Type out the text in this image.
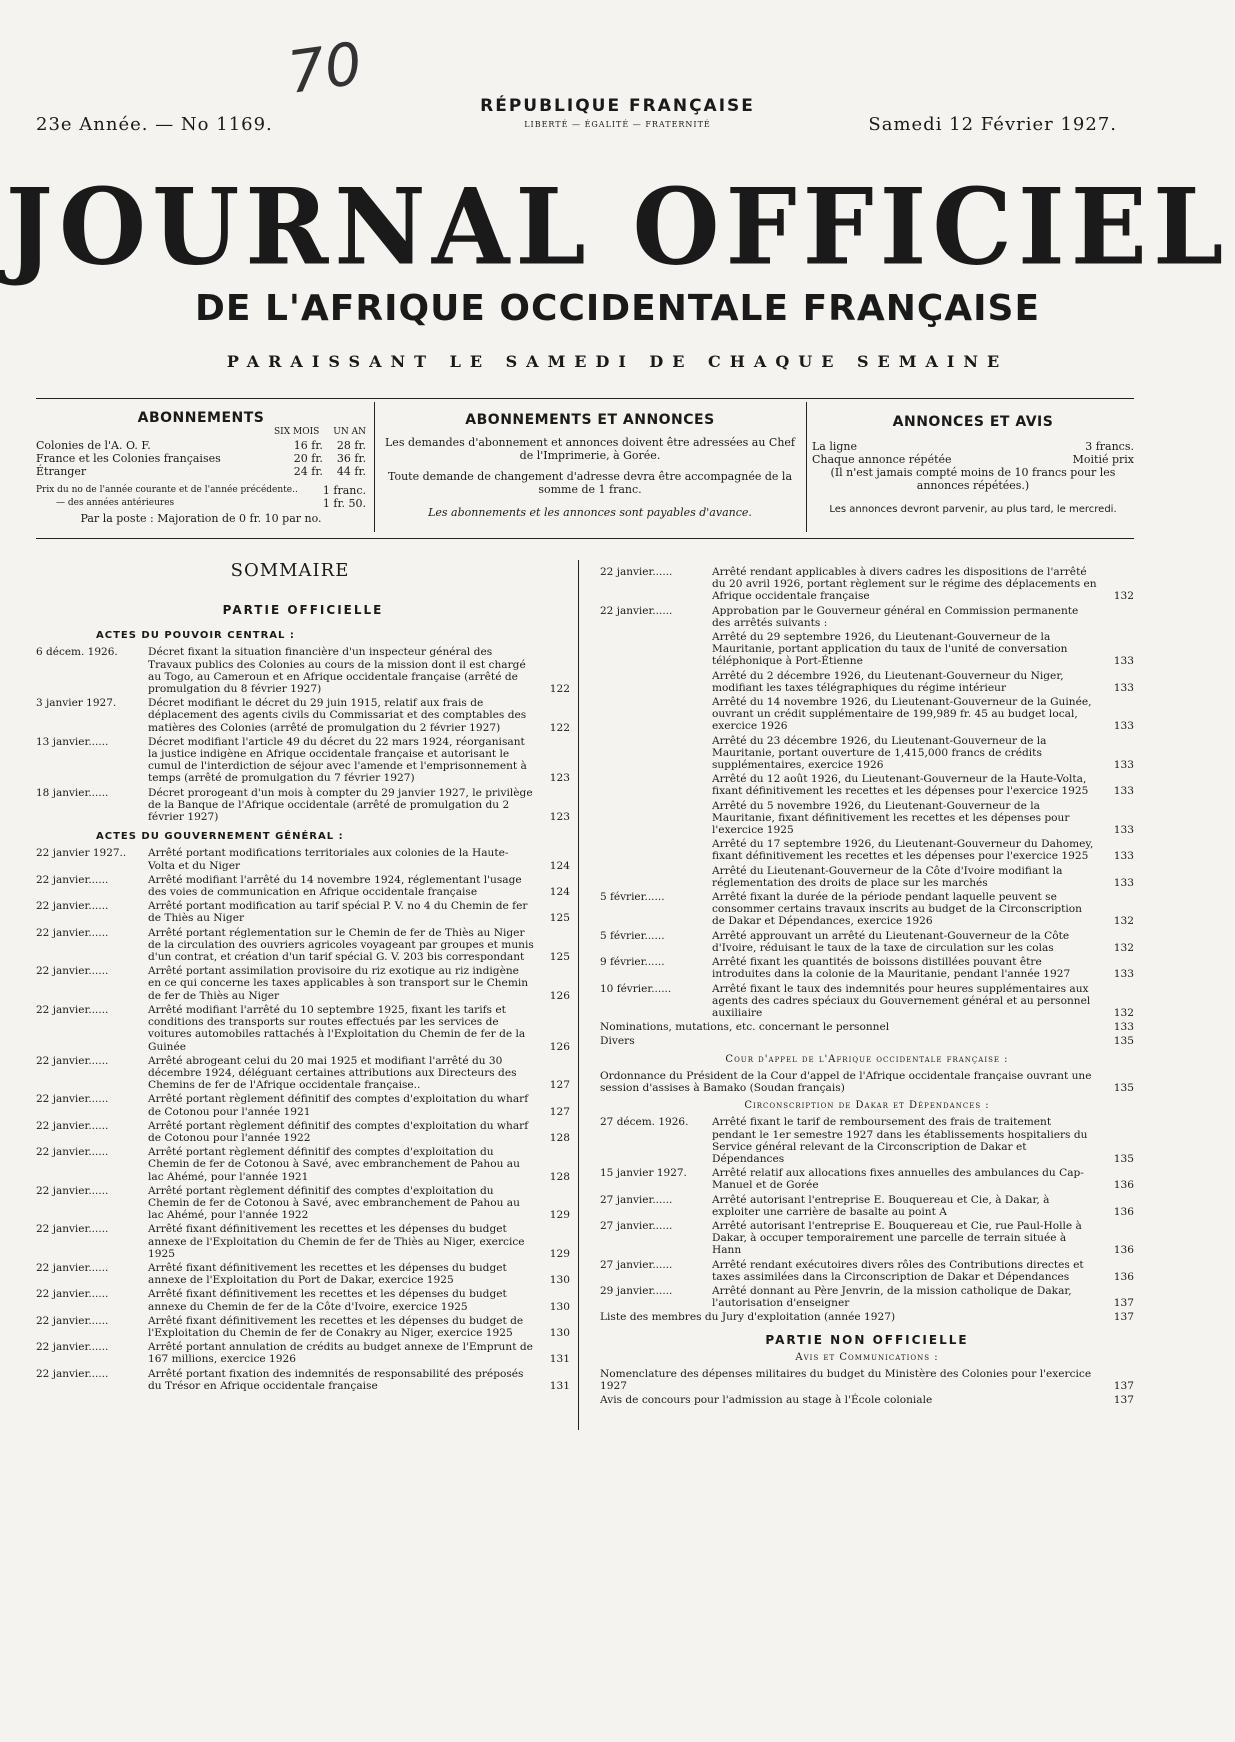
70
23e Année. — No 1169.
RÉPUBLIQUE FRANÇAISE
LIBERTÉ — ÉGALITÉ — FRATERNITÉ	Samedi 12 Février 1927.
JOURNAL OFFICIEL
DE L'AFRIQUE OCCIDENTALE FRANÇAISE
PARAISSANT LE SAMEDI DE CHAQUE SEMAINE
ABONNEMENTS
SIX MOIS UN AN
Colonies de l'A. O. F.	16 fr. 28 fr.
France et les Colonies françaises	20 fr. 36 fr.
Étranger	24 fr. 44 fr.
Prix du no de l'année courante et de l'année précédente.. 1 franc.
— des années antérieures	1 fr. 50.
Par la poste : Majoration de 0 fr. 10 par no.
ABONNEMENTS ET ANNONCES
Les demandes d'abonnement et annonces doivent être adressées au Chef de l'Imprimerie, à Gorée.
Toute demande de changement d'adresse devra être accompagnée de la somme de 1 franc.
Les abonnements et les annonces sont payables d'avance.
ANNONCES ET AVIS
La ligne	3 francs.
Chaque annonce répétée	Moitié prix
(Il n'est jamais compté moins de 10 francs pour les annonces répétées.)
Les annonces devront parvenir, au plus tard, le mercredi.
SOMMAIRE
PARTIE OFFICIELLE
ACTES DU POUVOIR CENTRAL :
6 décem. 1926.	Décret fixant la situation financière d'un inspecteur général des Travaux publics des Colonies au cours de la mission dont il est chargé au Togo, au Cameroun et en Afrique occidentale française (arrêté de promulgation du 8 février 1927)	122
3 janvier 1927.	Décret modifiant le décret du 29 juin 1915, relatif aux frais de déplacement des agents civils du Commissariat et des comptables des matières des Colonies (arrêté de promulgation du 2 février 1927)	122
13 janvier......	Décret modifiant l'article 49 du décret du 22 mars 1924, réorganisant la justice indigène en Afrique occidentale française et autorisant le cumul de l'interdiction de séjour avec l'amende et l'emprisonnement à temps (arrêté de promulgation du 7 février 1927)	123
18 janvier......	Décret prorogeant d'un mois à compter du 29 janvier 1927, le privilège de la Banque de l'Afrique occidentale (arrêté de promulgation du 2 février 1927)	123
ACTES DU GOUVERNEMENT GÉNÉRAL :
22 janvier 1927..	Arrêté portant modifications territoriales aux colonies de la Haute-Volta et du Niger	124
22 janvier......	Arrêté modifiant l'arrêté du 14 novembre 1924, réglementant l'usage des voies de communication en Afrique occidentale française	124
22 janvier......	Arrêté portant modification au tarif spécial P. V. no 4 du Chemin de fer de Thiès au Niger	125
22 janvier......	Arrêté portant réglementation sur le Chemin de fer de Thiès au Niger de la circulation des ouvriers agricoles voyageant par groupes et munis d'un contrat, et création d'un tarif spécial G. V. 203 bis correspondant	125
22 janvier......	Arrêté portant assimilation provisoire du riz exotique au riz indigène en ce qui concerne les taxes applicables à son transport sur le Chemin de fer de Thiès au Niger	126
22 janvier......	Arrêté modifiant l'arrêté du 10 septembre 1925, fixant les tarifs et conditions des transports sur routes effectués par les services de voitures automobiles rattachés à l'Exploitation du Chemin de fer de la Guinée	126
22 janvier......	Arrêté abrogeant celui du 20 mai 1925 et modifiant l'arrêté du 30 décembre 1924, déléguant certaines attributions aux Directeurs des Chemins de fer de l'Afrique occidentale française..	127
22 janvier......	Arrêté portant règlement définitif des comptes d'exploitation du wharf de Cotonou pour l'année 1921	127
22 janvier......	Arrêté portant règlement définitif des comptes d'exploitation du wharf de Cotonou pour l'année 1922	128
22 janvier......	Arrêté portant règlement définitif des comptes d'exploitation du Chemin de fer de Cotonou à Savé, avec embranchement de Pahou au lac Ahémé, pour l'année 1921	128
22 janvier......	Arrêté portant règlement définitif des comptes d'exploitation du Chemin de fer de Cotonou à Savé, avec embranchement de Pahou au lac Ahémé, pour l'année 1922	129
22 janvier......	Arrêté fixant définitivement les recettes et les dépenses du budget annexe de l'Exploitation du Chemin de fer de Thiès au Niger, exercice 1925	129
22 janvier......	Arrêté fixant définitivement les recettes et les dépenses du budget annexe de l'Exploitation du Port de Dakar, exercice 1925	130
22 janvier......	Arrêté fixant définitivement les recettes et les dépenses du budget annexe du Chemin de fer de la Côte d'Ivoire, exercice 1925	130
22 janvier......	Arrêté fixant définitivement les recettes et les dépenses du budget de l'Exploitation du Chemin de fer de Conakry au Niger, exercice 1925	130
22 janvier......	Arrêté portant annulation de crédits au budget annexe de l'Emprunt de 167 millions, exercice 1926	131
22 janvier......	Arrêté portant fixation des indemnités de responsabilité des préposés du Trésor en Afrique occidentale française	131
22 janvier......	Arrêté rendant applicables à divers cadres les dispositions de l'arrêté du 20 avril 1926, portant règlement sur le régime des déplacements en Afrique occidentale française	132
22 janvier......	Approbation par le Gouverneur général en Commission permanente des arrêtés suivants :
Arrêté du 29 septembre 1926, du Lieutenant-Gouverneur de la Mauritanie, portant application du taux de l'unité de conversation téléphonique à Port-Étienne	133
Arrêté du 2 décembre 1926, du Lieutenant-Gouverneur du Niger, modifiant les taxes télégraphiques du régime intérieur	133
Arrêté du 14 novembre 1926, du Lieutenant-Gouverneur de la Guinée, ouvrant un crédit supplémentaire de 199,989 fr. 45 au budget local, exercice 1926	133
Arrêté du 23 décembre 1926, du Lieutenant-Gouverneur de la Mauritanie, portant ouverture de 1,415,000 francs de crédits supplémentaires, exercice 1926	133
Arrêté du 12 août 1926, du Lieutenant-Gouverneur de la Haute-Volta, fixant définitivement les recettes et les dépenses pour l'exercice 1925	133
Arrêté du 5 novembre 1926, du Lieutenant-Gouverneur de la Mauritanie, fixant définitivement les recettes et les dépenses pour l'exercice 1925	133
Arrêté du 17 septembre 1926, du Lieutenant-Gouverneur du Dahomey, fixant définitivement les recettes et les dépenses pour l'exercice 1925	133
Arrêté du Lieutenant-Gouverneur de la Côte d'Ivoire modifiant la réglementation des droits de place sur les marchés	133
5 février......	Arrêté fixant la durée de la période pendant laquelle peuvent se consommer certains travaux inscrits au budget de la Circonscription de Dakar et Dépendances, exercice 1926	132
5 février......	Arrêté approuvant un arrêté du Lieutenant-Gouverneur de la Côte d'Ivoire, réduisant le taux de la taxe de circulation sur les colas	132
9 février......	Arrêté fixant les quantités de boissons distillées pouvant être introduites dans la colonie de la Mauritanie, pendant l'année 1927	133
10 février......	Arrêté fixant le taux des indemnités pour heures supplémentaires aux agents des cadres spéciaux du Gouvernement général et au personnel auxiliaire	132
Nominations, mutations, etc. concernant le personnel	133
Divers	135
Cour d'appel de l'Afrique occidentale française :
Ordonnance du Président de la Cour d'appel de l'Afrique occidentale française ouvrant une session d'assises à Bamako (Soudan français)	135
Circonscription de Dakar et Dépendances :
27 décem. 1926.	Arrêté fixant le tarif de remboursement des frais de traitement pendant le 1er semestre 1927 dans les établissements hospitaliers du Service général relevant de la Circonscription de Dakar et Dépendances	135
15 janvier 1927.	Arrêté relatif aux allocations fixes annuelles des ambulances du Cap-Manuel et de Gorée	136
27 janvier......	Arrêté autorisant l'entreprise E. Bouquereau et Cie, à Dakar, à exploiter une carrière de basalte au point A	136
27 janvier......	Arrêté autorisant l'entreprise E. Bouquereau et Cie, rue Paul-Holle à Dakar, à occuper temporairement une parcelle de terrain située à Hann	136
27 janvier......	Arrêté rendant exécutoires divers rôles des Contributions directes et taxes assimilées dans la Circonscription de Dakar et Dépendances	136
29 janvier......	Arrêté donnant au Père Jenvrin, de la mission catholique de Dakar, l'autorisation d'enseigner	137
Liste des membres du Jury d'exploitation (année 1927)	137
PARTIE NON OFFICIELLE
Avis et Communications :
Nomenclature des dépenses militaires du budget du Ministère des Colonies pour l'exercice 1927	137
Avis de concours pour l'admission au stage à l'École coloniale	137
